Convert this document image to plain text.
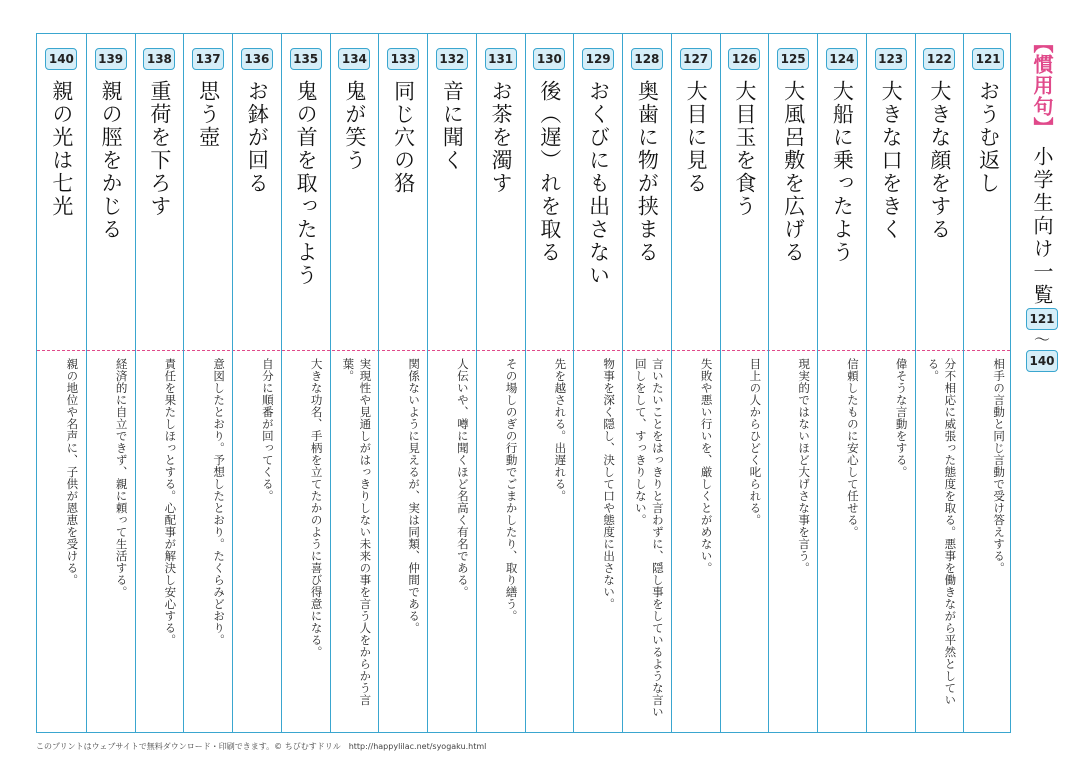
140
親の光は七光
親の地位や名声に、子供が恩恵を受ける。
139
親の脛をかじる
経済的に自立できず、親に頼って生活する。
138
重荷を下ろす
責任を果たしほっとする。心配事が解決し安心する。
137
思う壺
意図したとおり。予想したとおり。たくらみどおり。
136
お鉢が回る
自分に順番が回ってくる。
135
鬼の首を取ったよう
大きな功名、手柄を立てたかのように喜び得意になる。
134
鬼が笑う
実現性や見通しがはっきりしない未来の事を言う人をからかう言葉。
133
同じ穴の狢
関係ないように見えるが、実は同類、仲間である。
132
音に聞く
人伝いや、噂に聞くほど名高く有名である。
131
お茶を濁す
その場しのぎの行動でごまかしたり、取り繕う。
130
後（遅）れを取る
先を越される。出遅れる。
129
おくびにも出さない
物事を深く隠し、決して口や態度に出さない。
128
奥歯に物が挟まる
言いたいことをはっきりと言わずに、隠し事をしているような言い回しをして、すっきりしない。
127
大目に見る
失敗や悪い行いを、厳しくとがめない。
126
大目玉を食う
目上の人からひどく叱られる。
125
大風呂敷を広げる
現実的ではないほど大げさな事を言う。
124
大船に乗ったよう
信頼したものに安心して任せる。
123
大きな口をきく
偉そうな言動をする。
122
大きな顔をする
分不相応に威張った態度を取る。悪事を働きながら平然としている。
121
おうむ返し
相手の言動と同じ言動で受け答えする。
【慣用句】小学生向け一覧
121
〜
140
このプリントはウェブサイトで無料ダウンロード・印刷できます。© ちびむすドリル　http://happylilac.net/syogaku.html
